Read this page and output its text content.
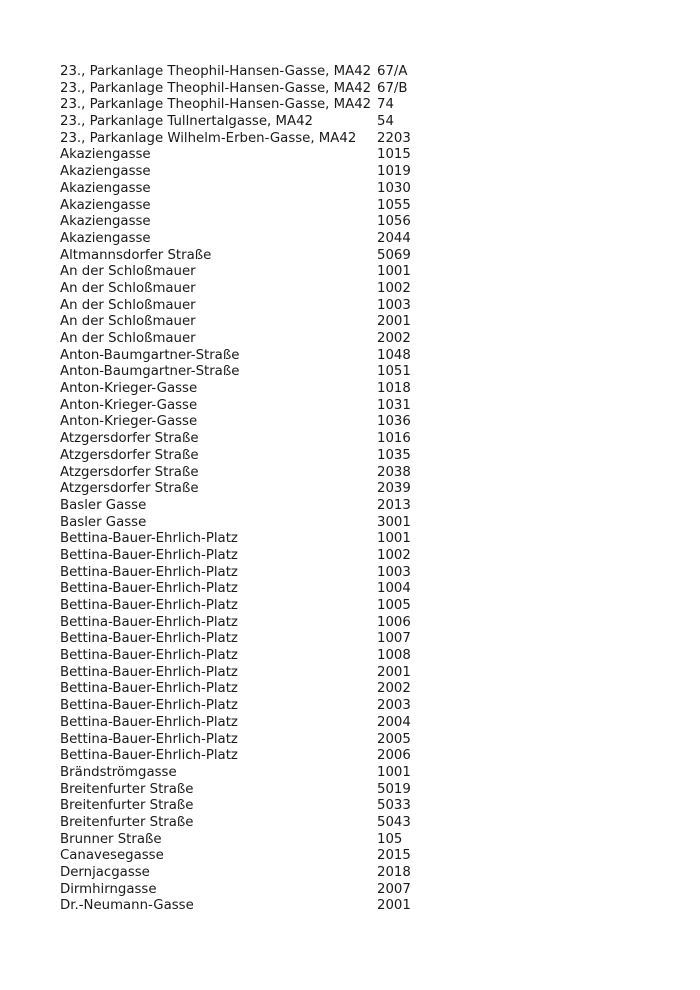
23., Parkanlage Theophil-Hansen-Gasse, MA42 67/A
23., Parkanlage Theophil-Hansen-Gasse, MA42 67/B
23., Parkanlage Theophil-Hansen-Gasse, MA42 74
23., Parkanlage Tullnertalgasse, MA42	54
23., Parkanlage Wilhelm-Erben-Gasse, MA42	2203
Akaziengasse	1015
Akaziengasse	1019
Akaziengasse	1030
Akaziengasse	1055
Akaziengasse	1056
Akaziengasse	2044
Altmannsdorfer Straße	5069
An der Schloßmauer	1001
An der Schloßmauer	1002
An der Schloßmauer	1003
An der Schloßmauer	2001
An der Schloßmauer	2002
Anton-Baumgartner-Straße	1048
Anton-Baumgartner-Straße	1051
Anton-Krieger-Gasse	1018
Anton-Krieger-Gasse	1031
Anton-Krieger-Gasse	1036
Atzgersdorfer Straße	1016
Atzgersdorfer Straße	1035
Atzgersdorfer Straße	2038
Atzgersdorfer Straße	2039
Basler Gasse	2013
Basler Gasse	3001
Bettina-Bauer-Ehrlich-Platz	1001
Bettina-Bauer-Ehrlich-Platz	1002
Bettina-Bauer-Ehrlich-Platz	1003
Bettina-Bauer-Ehrlich-Platz	1004
Bettina-Bauer-Ehrlich-Platz	1005
Bettina-Bauer-Ehrlich-Platz	1006
Bettina-Bauer-Ehrlich-Platz	1007
Bettina-Bauer-Ehrlich-Platz	1008
Bettina-Bauer-Ehrlich-Platz	2001
Bettina-Bauer-Ehrlich-Platz	2002
Bettina-Bauer-Ehrlich-Platz	2003
Bettina-Bauer-Ehrlich-Platz	2004
Bettina-Bauer-Ehrlich-Platz	2005
Bettina-Bauer-Ehrlich-Platz	2006
Brändströmgasse	1001
Breitenfurter Straße	5019
Breitenfurter Straße	5033
Breitenfurter Straße	5043
Brunner Straße	105
Canavesegasse	2015
Dernjacgasse	2018
Dirmhirngasse	2007
Dr.-Neumann-Gasse	2001
